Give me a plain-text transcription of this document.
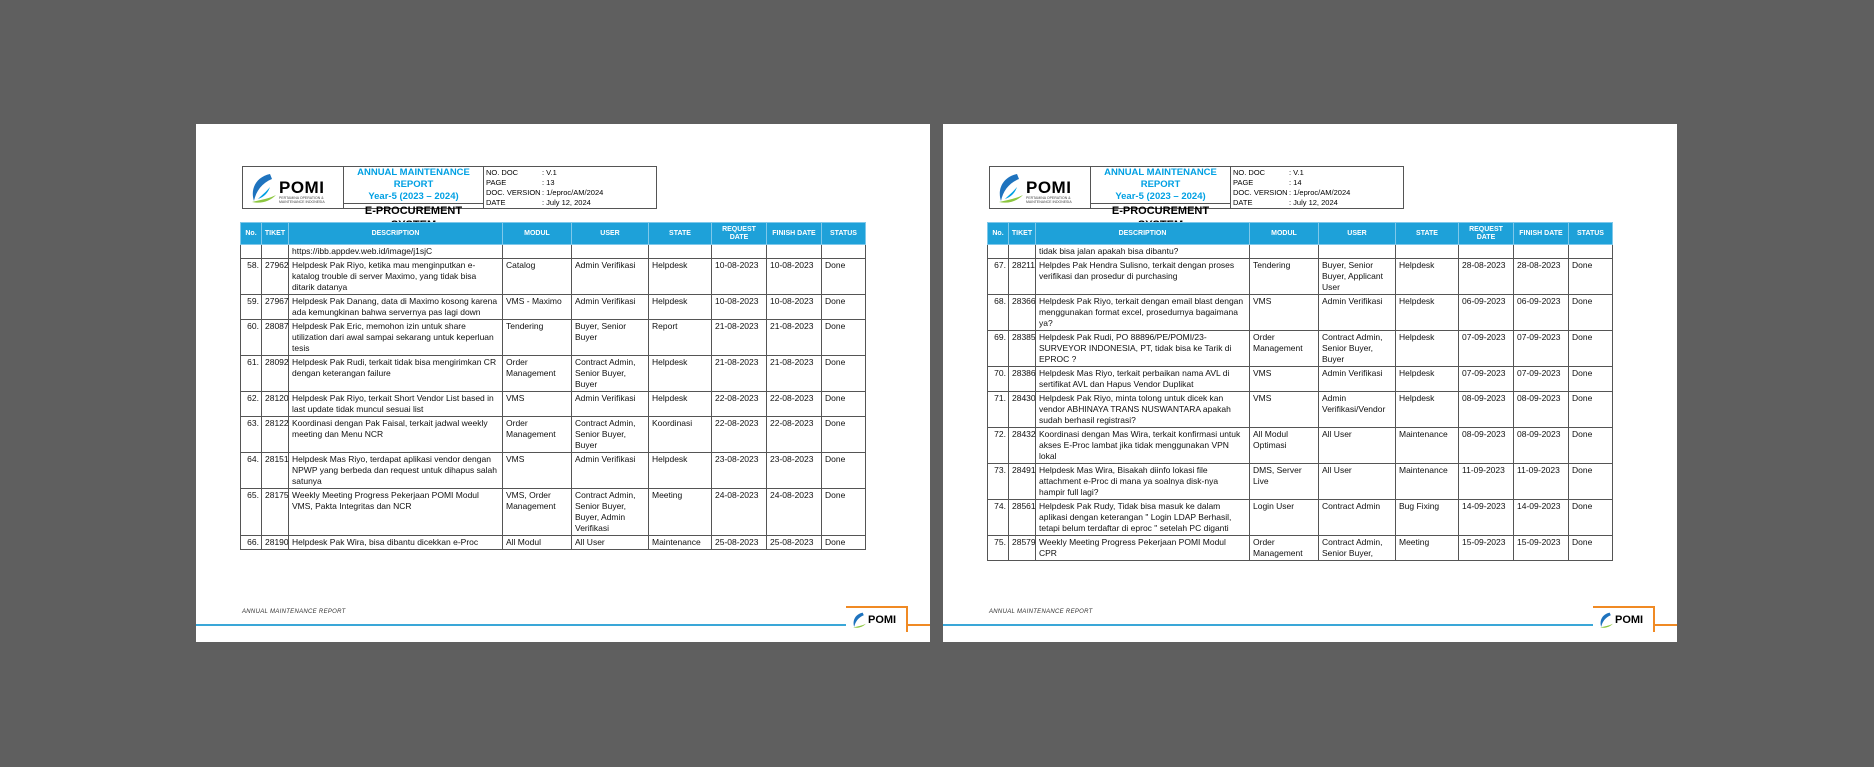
POMI
PERTAMINA OPERATION & MAINTENANCE INDONESIA
ANNUAL MAINTENANCE REPORT
Year-5 (2023 – 2024)
E-PROCUREMENT
NO. DOC	: V.1
PAGE	: 13
DOC. VERSION : 1/eproc/AM/2024
DATE	: July 12, 2024
No.	TIKET	DESCRIPTION	MODUL	USER	STATE	REQUEST DATE	FINISH DATE	STATUS
		https://ibb.appdev.web.id/image/j1sjC						
58.	27962	Helpdesk Pak Riyo, ketika mau menginputkan e-katalog trouble di server Maximo, yang tidak bisa ditarik datanya	Catalog	Admin Verifikasi	Helpdesk	10-08-2023	10-08-2023	Done
59.	27967	Helpdesk Pak Danang, data di Maximo kosong karena ada kemungkinan bahwa servernya pas lagi down	VMS - Maximo	Admin Verifikasi	Helpdesk	10-08-2023	10-08-2023	Done
60.	28087	Helpdesk Pak Eric, memohon izin untuk share utilization dari awal sampai sekarang untuk keperluan tesis	Tendering	Buyer, Senior Buyer	Report	21-08-2023	21-08-2023	Done
61.	28092	Helpdesk Pak Rudi, terkait tidak bisa mengirimkan CR dengan keterangan failure	Order Management	Contract Admin, Senior Buyer, Buyer	Helpdesk	21-08-2023	21-08-2023	Done
62.	28120	Helpdesk Pak Riyo, terkait Short Vendor List based in last update tidak muncul sesuai list	VMS	Admin Verifikasi	Helpdesk	22-08-2023	22-08-2023	Done
63.	28122	Koordinasi dengan Pak Faisal, terkait jadwal weekly meeting dan Menu NCR	Order Management	Contract Admin, Senior Buyer, Buyer	Koordinasi	22-08-2023	22-08-2023	Done
64.	28151	Helpdesk Mas Riyo, terdapat aplikasi vendor dengan NPWP yang berbeda dan request untuk dihapus salah satunya	VMS	Admin Verifikasi	Helpdesk	23-08-2023	23-08-2023	Done
65.	28175	Weekly Meeting Progress Pekerjaan POMI Modul VMS, Pakta Integritas dan NCR	VMS, Order Management	Contract Admin, Senior Buyer, Buyer, Admin Verifikasi	Meeting	24-08-2023	24-08-2023	Done
66.	28190	Helpdesk Pak Wira, bisa dibantu dicekkan e-Proc	All Modul	All User	Maintenance	25-08-2023	25-08-2023	Done
ANNUAL MAINTENANCE REPORT
POMI
POMI
PERTAMINA OPERATION & MAINTENANCE INDONESIA
ANNUAL MAINTENANCE REPORT
Year-5 (2023 – 2024)
E-PROCUREMENT
NO. DOC	: V.1
PAGE	: 14
DOC. VERSION : 1/eproc/AM/2024
DATE	: July 12, 2024
No.	TIKET	DESCRIPTION	MODUL	USER	STATE	REQUEST DATE	FINISH DATE	STATUS
		tidak bisa jalan apakah bisa dibantu?						
67.	28211	Helpdes Pak Hendra Sulisno, terkait dengan proses verifikasi dan prosedur di purchasing	Tendering	Buyer, Senior Buyer, Applicant User	Helpdesk	28-08-2023	28-08-2023	Done
68.	28366	Helpdesk Pak Riyo, terkait dengan email blast dengan menggunakan format excel, prosedurnya bagaimana ya?	VMS	Admin Verifikasi	Helpdesk	06-09-2023	06-09-2023	Done
69.	28385	Helpdesk Pak Rudi, PO 88896/PE/POMI/23-SURVEYOR INDONESIA, PT, tidak bisa ke Tarik di EPROC ?	Order Management	Contract Admin, Senior Buyer, Buyer	Helpdesk	07-09-2023	07-09-2023	Done
70.	28386	Helpdesk Mas Riyo, terkait perbaikan nama AVL di sertifikat AVL dan Hapus Vendor Duplikat	VMS	Admin Verifikasi	Helpdesk	07-09-2023	07-09-2023	Done
71.	28430	Helpdesk Pak Riyo, minta tolong untuk dicek kan vendor ABHINAYA TRANS NUSWANTARA apakah sudah berhasil registrasi?	VMS	Admin Verifikasi/Vendor	Helpdesk	08-09-2023	08-09-2023	Done
72.	28432	Koordinasi dengan Mas Wira, terkait konfirmasi untuk akses E-Proc lambat jika tidak menggunakan VPN lokal	All Modul Optimasi	All User	Maintenance	08-09-2023	08-09-2023	Done
73.	28491	Helpdesk Mas Wira, Bisakah diinfo lokasi file attachment e-Proc di mana ya soalnya disk-nya hampir full lagi?	DMS, Server Live	All User	Maintenance	11-09-2023	11-09-2023	Done
74.	28561	Helpdesk Pak Rudy, Tidak bisa masuk ke dalam aplikasi dengan keterangan " Login LDAP Berhasil, tetapi belum terdaftar di eproc " setelah PC diganti	Login User	Contract Admin	Bug Fixing	14-09-2023	14-09-2023	Done
75.	28579	Weekly Meeting Progress Pekerjaan POMI Modul CPR	Order Management	Contract Admin, Senior Buyer,	Meeting	15-09-2023	15-09-2023	Done
ANNUAL MAINTENANCE REPORT
POMI
